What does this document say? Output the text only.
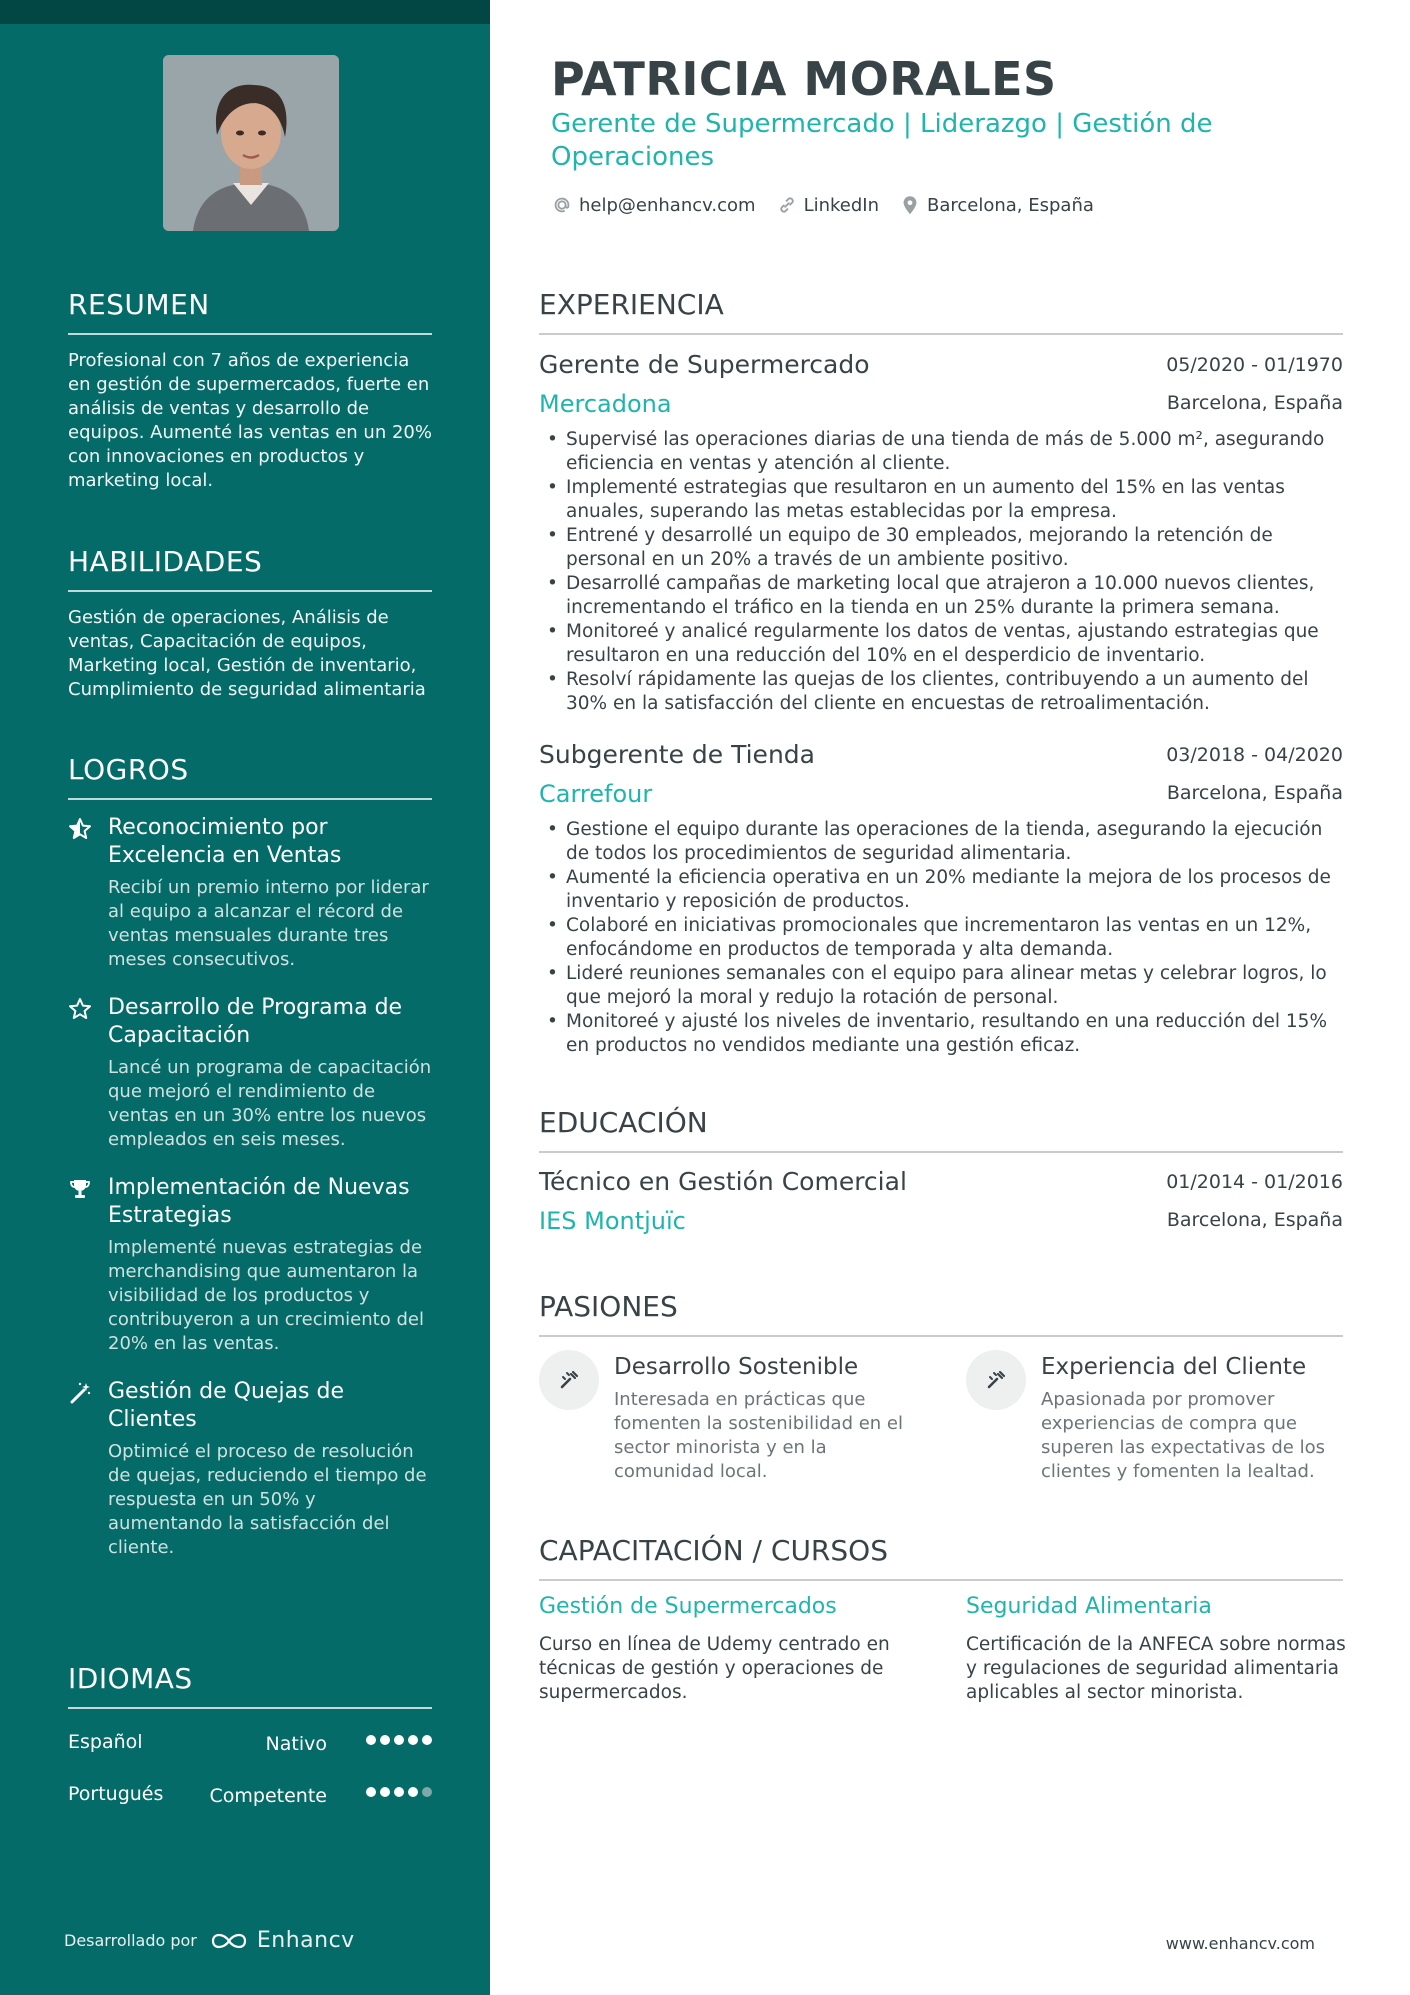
RESUMEN

Profesional con 7 años de experiencia en gestión de supermercados, fuerte en análisis de ventas y desarrollo de equipos. Aumenté las ventas en un 20% con innovaciones en productos y marketing local.

HABILIDADES

Gestión de operaciones, Análisis de ventas, Capacitación de equipos, Marketing local, Gestión de inventario, Cumplimiento de seguridad alimentaria

LOGROS
Reconocimiento por Excelencia en Ventas
Recibí un premio interno por liderar al equipo a alcanzar el récord de ventas mensuales durante tres meses consecutivos.
Desarrollo de Programa de Capacitación
Lancé un programa de capacitación que mejoró el rendimiento de ventas en un 30% entre los nuevos empleados en seis meses.
Implementación de Nuevas Estrategias
Implementé nuevas estrategias de merchandising que aumentaron la visibilidad de los productos y contribuyeron a un crecimiento del 20% en las ventas.
Gestión de Quejas de Clientes
Optimicé el proceso de resolución de quejas, reduciendo el tiempo de respuesta en un 50% y aumentando la satisfacción del cliente.
IDIOMAS
Español	Nativo
Portugués Competente
Desarrollado por	Enhancv
PATRICIA MORALES
Gerente de Supermercado | Liderazgo | Gestión de Operaciones
help@enhancv.com	LinkedIn	Barcelona, España
EXPERIENCIA
Gerente de Supermercado	05/2020 - 01/1970
Mercadona	Barcelona, España
• Supervisé las operaciones diarias de una tienda de más de 5.000 m², asegurando eficiencia en ventas y atención al cliente.
• Implementé estrategias que resultaron en un aumento del 15% en las ventas anuales, superando las metas establecidas por la empresa.
• Entrené y desarrollé un equipo de 30 empleados, mejorando la retención de personal en un 20% a través de un ambiente positivo.
• Desarrollé campañas de marketing local que atrajeron a 10.000 nuevos clientes, incrementando el tráfico en la tienda en un 25% durante la primera semana.
• Monitoreé y analicé regularmente los datos de ventas, ajustando estrategias que resultaron en una reducción del 10% en el desperdicio de inventario.
• Resolví rápidamente las quejas de los clientes, contribuyendo a un aumento del 30% en la satisfacción del cliente en encuestas de retroalimentación.
Subgerente de Tienda	03/2018 - 04/2020
Carrefour	Barcelona, España
• Gestione el equipo durante las operaciones de la tienda, asegurando la ejecución de todos los procedimientos de seguridad alimentaria.
• Aumenté la eficiencia operativa en un 20% mediante la mejora de los procesos de inventario y reposición de productos.
• Colaboré en iniciativas promocionales que incrementaron las ventas en un 12%, enfocándome en productos de temporada y alta demanda.
• Lideré reuniones semanales con el equipo para alinear metas y celebrar logros, lo que mejoró la moral y redujo la rotación de personal.
• Monitoreé y ajusté los niveles de inventario, resultando en una reducción del 15% en productos no vendidos mediante una gestión eficaz.
EDUCACIÓN
Técnico en Gestión Comercial	01/2014 - 01/2016
IES Montjuïc	Barcelona, España
PASIONES
Desarrollo Sostenible
Interesada en prácticas que fomenten la sostenibilidad en el sector minorista y en la comunidad local.
Experiencia del Cliente
Apasionada por promover experiencias de compra que superen las expectativas de los clientes y fomenten la lealtad.
CAPACITACIÓN / CURSOS
Gestión de Supermercados
Curso en línea de Udemy centrado en técnicas de gestión y operaciones de supermercados.
Seguridad Alimentaria
Certificación de la ANFECA sobre normas y regulaciones de seguridad alimentaria aplicables al sector minorista.
www.enhancv.com
